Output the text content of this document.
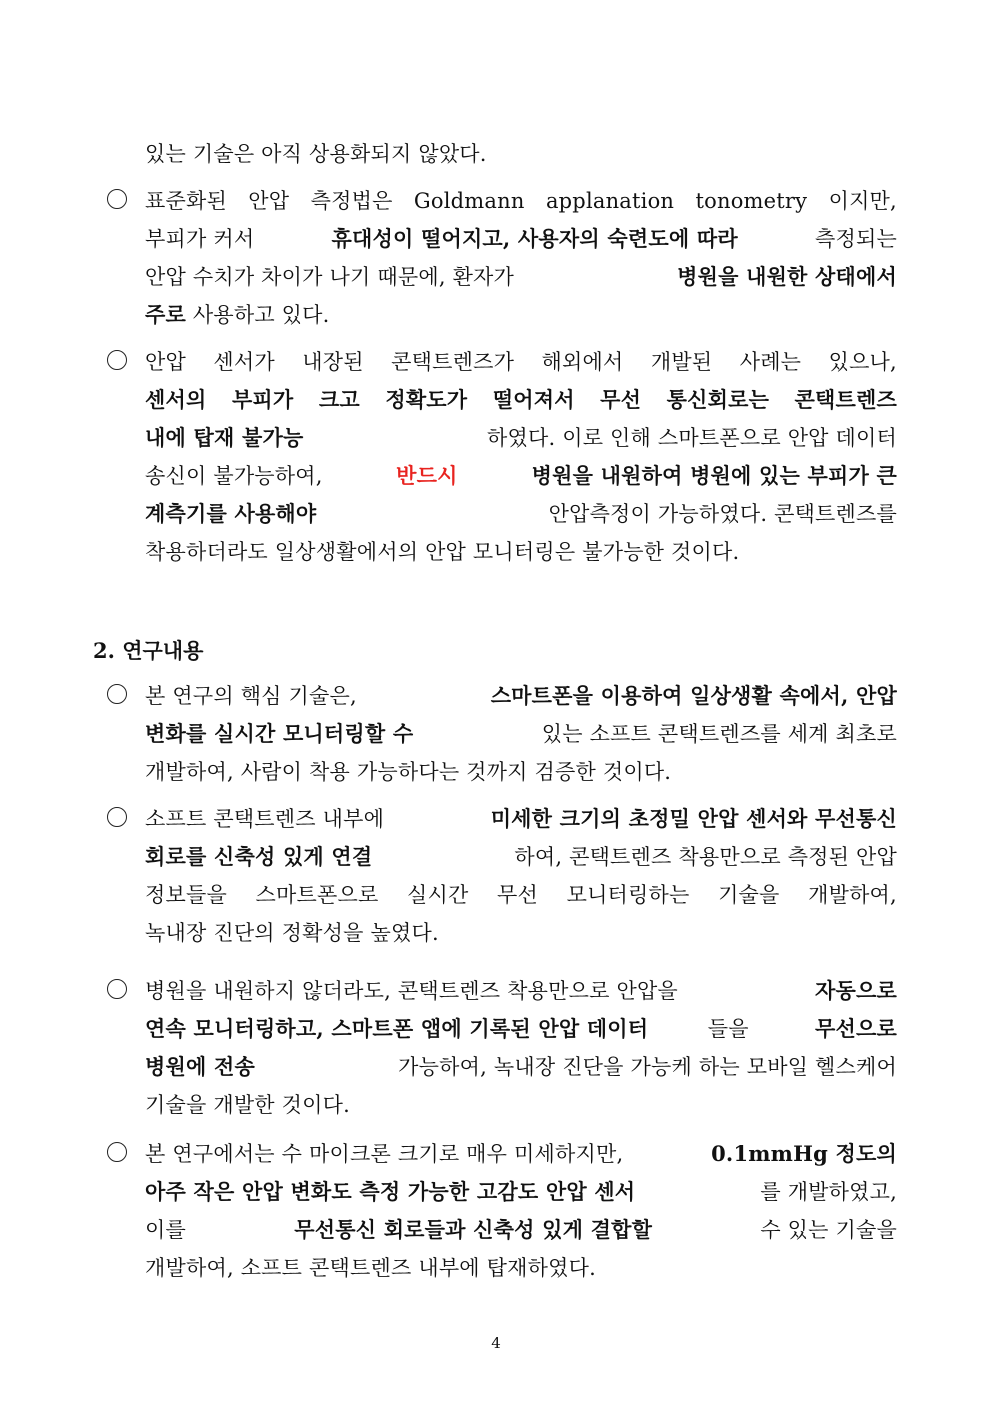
있는 기술은 아직 상용화되지 않았다.
표준화된 안압 측정법은 Goldmann applanation tonometry 이지만,
부피가 커서	휴대성이 떨어지고, 사용자의 숙련도에 따라	측정되는
안압 수치가 차이가 나기 때문에, 환자가	병원을 내원한 상태에서
주로 사용하고 있다.
안압 센서가 내장된 콘택트렌즈가 해외에서 개발된 사례는 있으나,
센서의 부피가 크고 정확도가 떨어져서 무선 통신회로는 콘택트렌즈
내에 탑재 불가능	하였다. 이로 인해 스마트폰으로 안압 데이터
송신이 불가능하여,	반드시	병원을 내원하여 병원에 있는 부피가 큰
계측기를 사용해야	안압측정이 가능하였다. 콘택트렌즈를
착용하더라도 일상생활에서의 안압 모니터링은 불가능한 것이다.
2. 연구내용
본 연구의 핵심 기술은,	스마트폰을 이용하여 일상생활 속에서, 안압
변화를 실시간 모니터링할 수	있는 소프트 콘택트렌즈를 세계 최초로
개발하여, 사람이 착용 가능하다는 것까지 검증한 것이다.
소프트 콘택트렌즈 내부에	미세한 크기의 초정밀 안압 센서와 무선통신
회로를 신축성 있게 연결	하여, 콘택트렌즈 착용만으로 측정된 안압
정보들을 스마트폰으로 실시간 무선 모니터링하는 기술을 개발하여,
녹내장 진단의 정확성을 높였다.
병원을 내원하지 않더라도, 콘택트렌즈 착용만으로 안압을	자동으로
연속 모니터링하고, 스마트폰 앱에 기록된 안압 데이터	들을	무선으로
병원에 전송	가능하여, 녹내장 진단을 가능케 하는 모바일 헬스케어
기술을 개발한 것이다.
본 연구에서는 수 마이크론 크기로 매우 미세하지만,	0.1mmHg 정도의
아주 작은 안압 변화도 측정 가능한 고감도 안압 센서	를 개발하였고,
이를	무선통신 회로들과 신축성 있게 결합할	수 있는 기술을
개발하여, 소프트 콘택트렌즈 내부에 탑재하였다.
4
